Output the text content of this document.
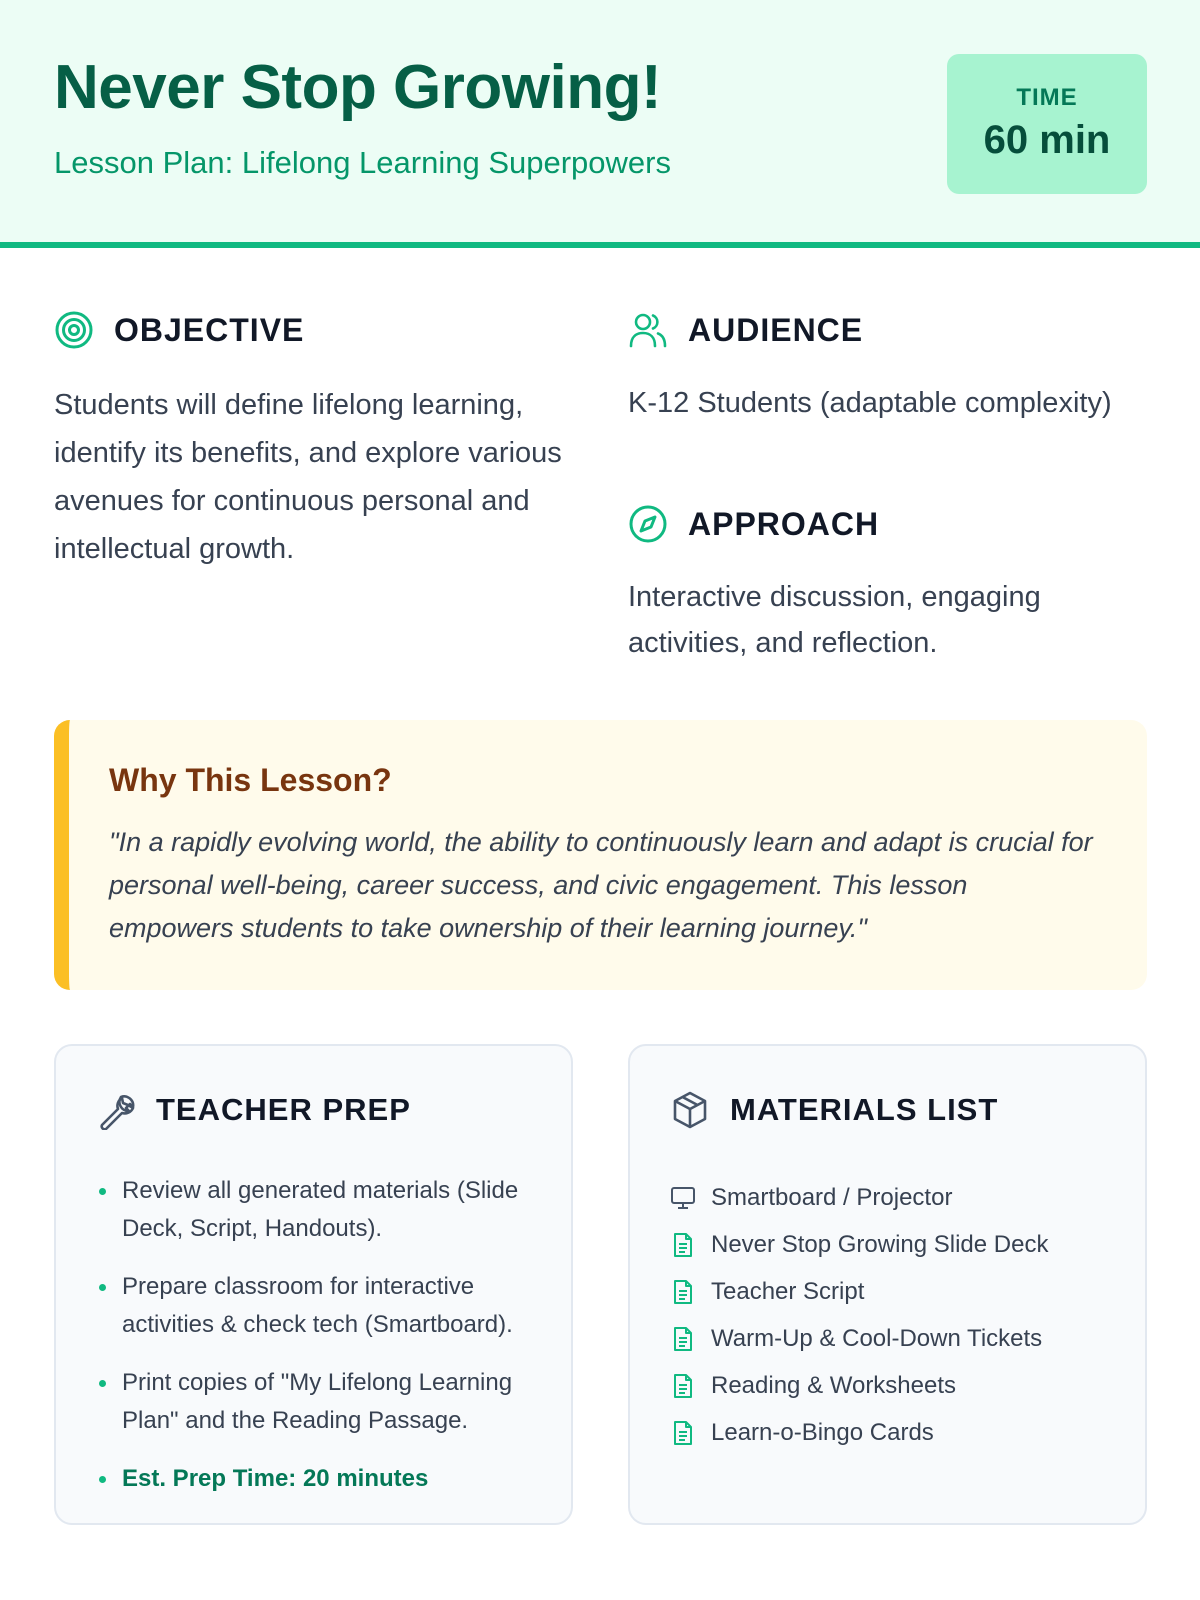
Never Stop Growing!

Lesson Plan: Lifelong Learning Superpowers

TIME
60 min
OBJECTIVE

Students will define lifelong learning, identify its benefits, and explore various avenues for continuous personal and intellectual growth.

AUDIENCE

K-12 Students (adaptable complexity)

APPROACH

Interactive discussion, engaging activities, and reflection.

Why This Lesson?

"In a rapidly evolving world, the ability to continuously learn and adapt is crucial for personal well-being, career success, and civic engagement. This lesson empowers students to take ownership of their learning journey."

TEACHER PREP
Review all generated materials (Slide Deck, Script, Handouts).
Prepare classroom for interactive activities & check tech (Smartboard).
Print copies of "My Lifelong Learning Plan" and the Reading Passage.
Est. Prep Time: 20 minutes
MATERIALS LIST
Smartboard / Projector
Never Stop Growing Slide Deck
Teacher Script
Warm-Up & Cool-Down Tickets
Reading & Worksheets
Learn-o-Bingo Cards
